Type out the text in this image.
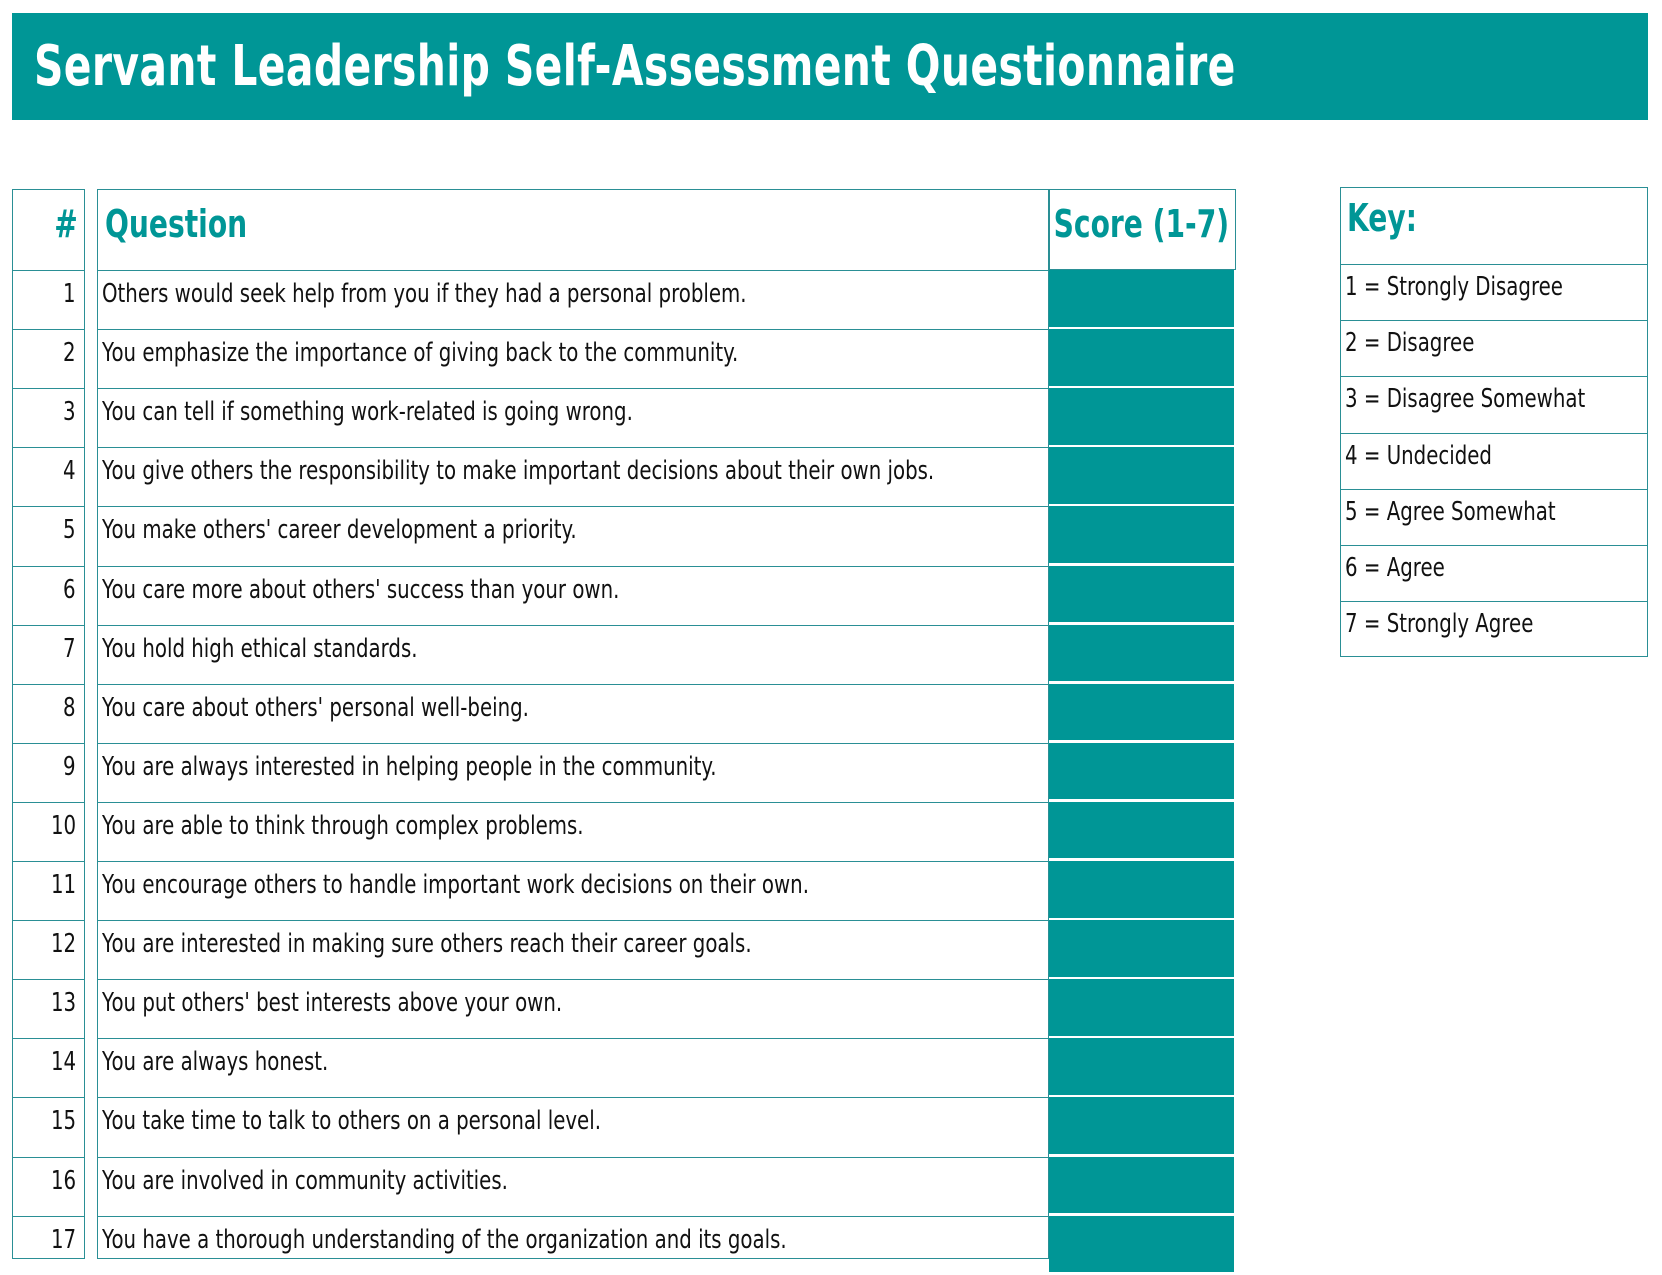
Servant Leadership Self-Assessment Questionnaire
#
1
2
3
4
5
6
7
8
9
10
11
12
13
14
15
16
17
Question
Others would seek help from you if they had a personal problem.
You emphasize the importance of giving back to the community.
You can tell if something work-related is going wrong.
You give others the responsibility to make important decisions about their own jobs.
You make others' career development a priority.
You care more about others' success than your own.
You hold high ethical standards.
You care about others' personal well-being.
You are always interested in helping people in the community.
You are able to think through complex problems.
You encourage others to handle important work decisions on their own.
You are interested in making sure others reach their career goals.
You put others' best interests above your own.
You are always honest.
You take time to talk to others on a personal level.
You are involved in community activities.
You have a thorough understanding of the organization and its goals.
Score (1-7)	Key:
1 = Strongly Disagree
2 = Disagree
3 = Disagree Somewhat
4 = Undecided
5 = Agree Somewhat
6 = Agree
7 = Strongly Agree
